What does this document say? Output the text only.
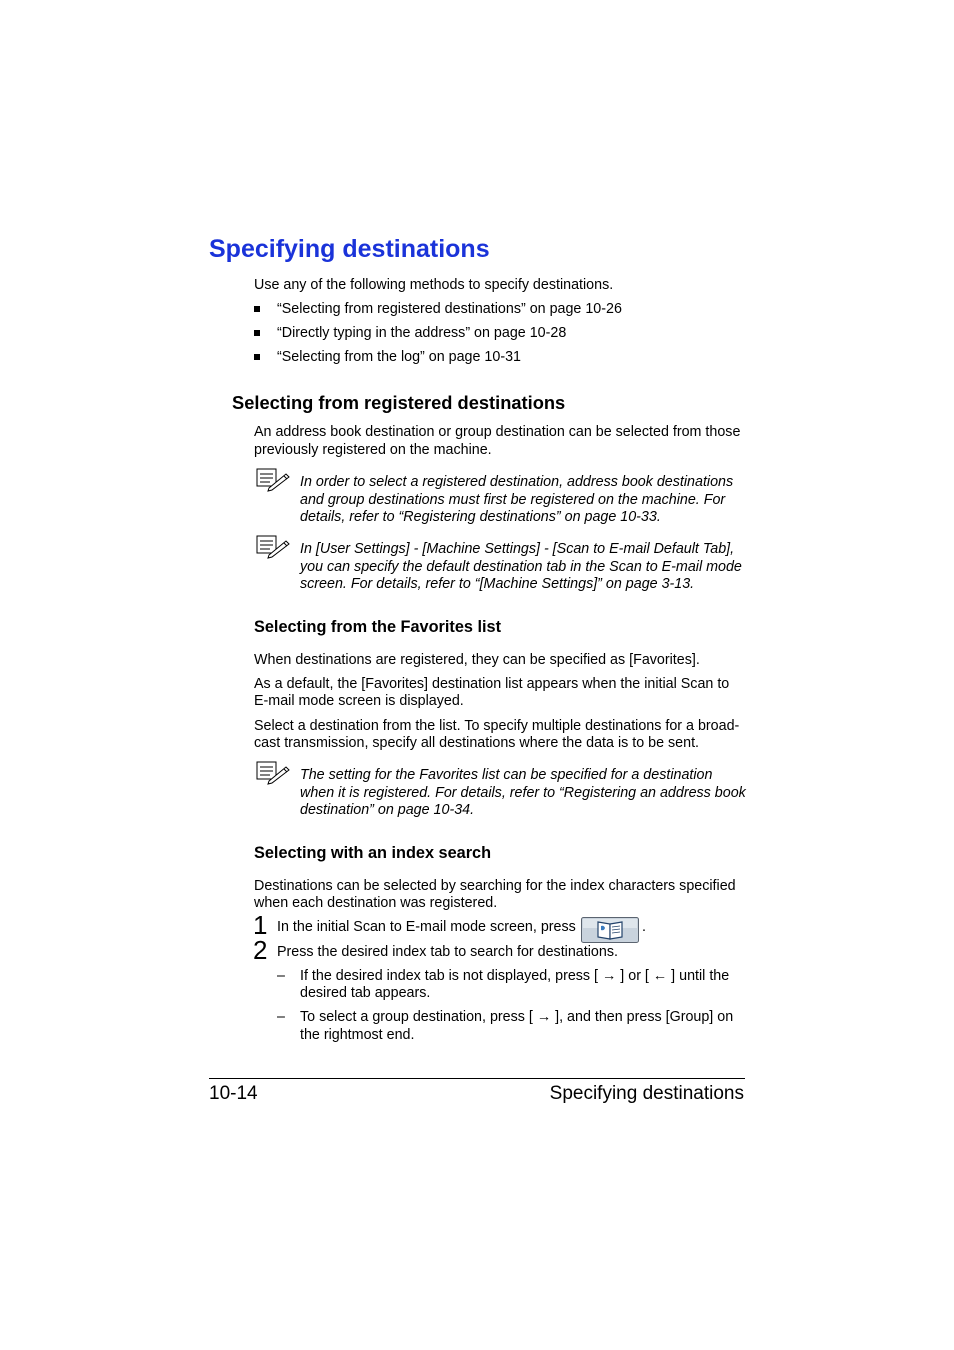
Specifying destinations
Use any of the following methods to specify destinations.
“Selecting from registered destinations” on page 10-26
“Directly typing in the address” on page 10-28
“Selecting from the log” on page 10-31
Selecting from registered destinations
An address book destination or group destination can be selected from those
previously registered on the machine.
In order to select a registered destination, address book destinations
and group destinations must first be registered on the machine. For
details, refer to “Registering destinations” on page 10-33.
In [User Settings] - [Machine Settings] - [Scan to E-mail Default Tab],
you can specify the default destination tab in the Scan to E-mail mode
screen. For details, refer to “[Machine Settings]” on page 3-13.
Selecting from the Favorites list
When destinations are registered, they can be specified as [Favorites].
As a default, the [Favorites] destination list appears when the initial Scan to
E-mail mode screen is displayed.
Select a destination from the list. To specify multiple destinations for a broad-
cast transmission, specify all destinations where the data is to be sent.
The setting for the Favorites list can be specified for a destination
when it is registered. For details, refer to “Registering an address book
destination” on page 10-34.
Selecting with an index search
Destinations can be selected by searching for the index characters specified
when each destination was registered.
1 In the initial Scan to E-mail mode screen, press	.
2 Press the desired index tab to search for destinations.
– If the desired index tab is not displayed, press [ → ] or [ ← ] until the
desired tab appears.
– To select a group destination, press [ → ], and then press [Group] on
the rightmost end.
10-14	Specifying destinations
